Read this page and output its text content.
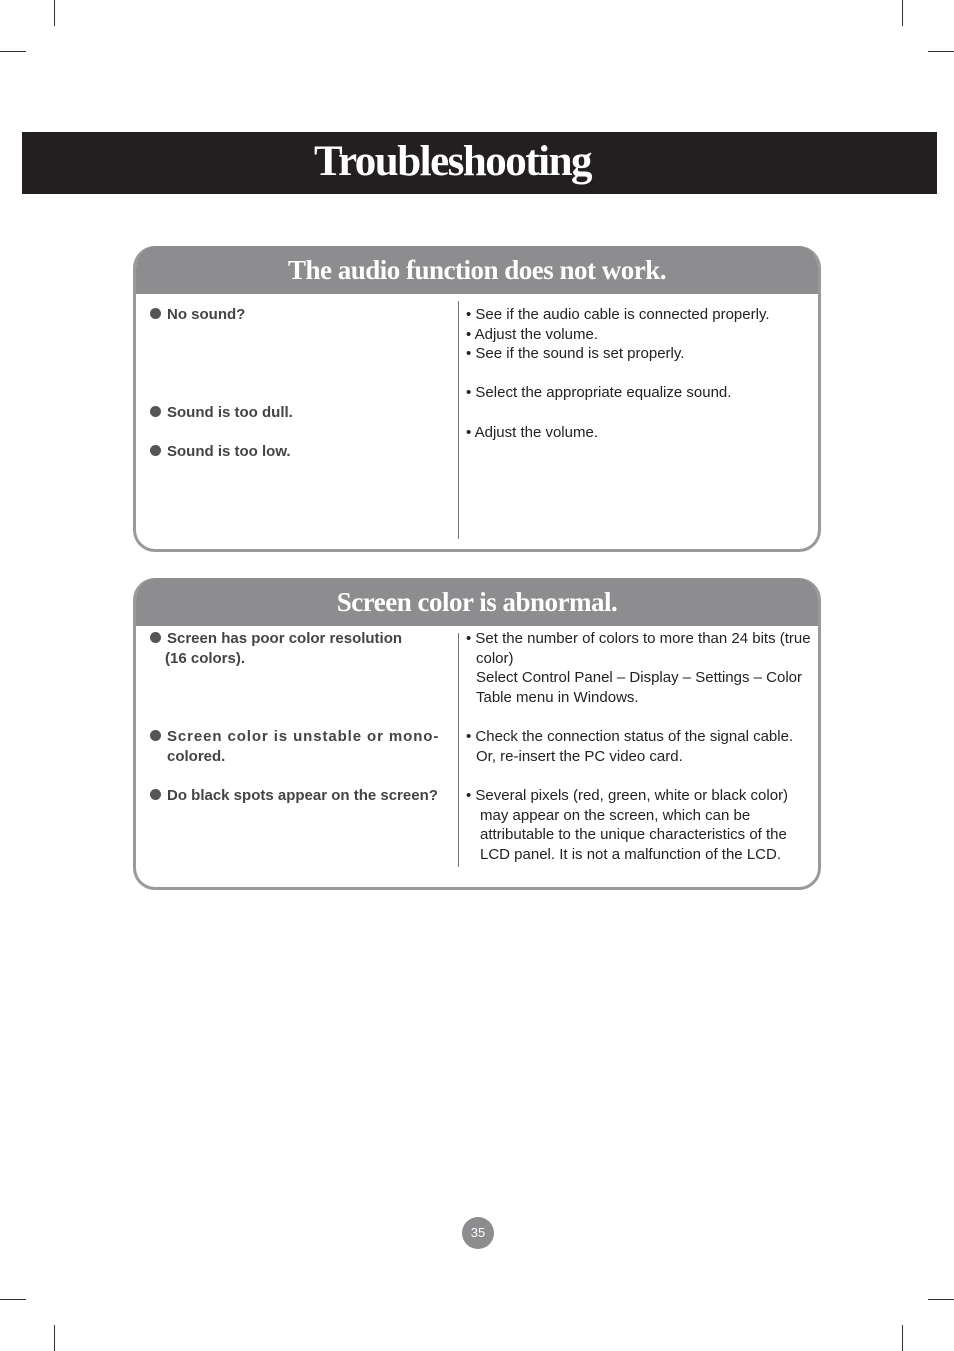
Troubleshooting
The audio function does not work.
No sound?
Sound is too dull.
Sound is too low.
• See if the audio cable is connected properly.
• Adjust the volume.
• See if the sound is set properly.
• Select the appropriate equalize sound.
• Adjust the volume.
Screen color is abnormal.
Screen has poor color resolution
(16 colors).
Screen color is unstable or mono-
colored.
Do black spots appear on the screen?
• Set the number of colors to more than 24 bits (true
color)
Select Control Panel – Display – Settings – Color
Table menu in Windows.
• Check the connection status of the signal cable.
Or, re-insert the PC video card.
• Several pixels (red, green, white or black color)
may appear on the screen, which can be
attributable to the unique characteristics of the
LCD panel. It is not a malfunction of the LCD.
35
